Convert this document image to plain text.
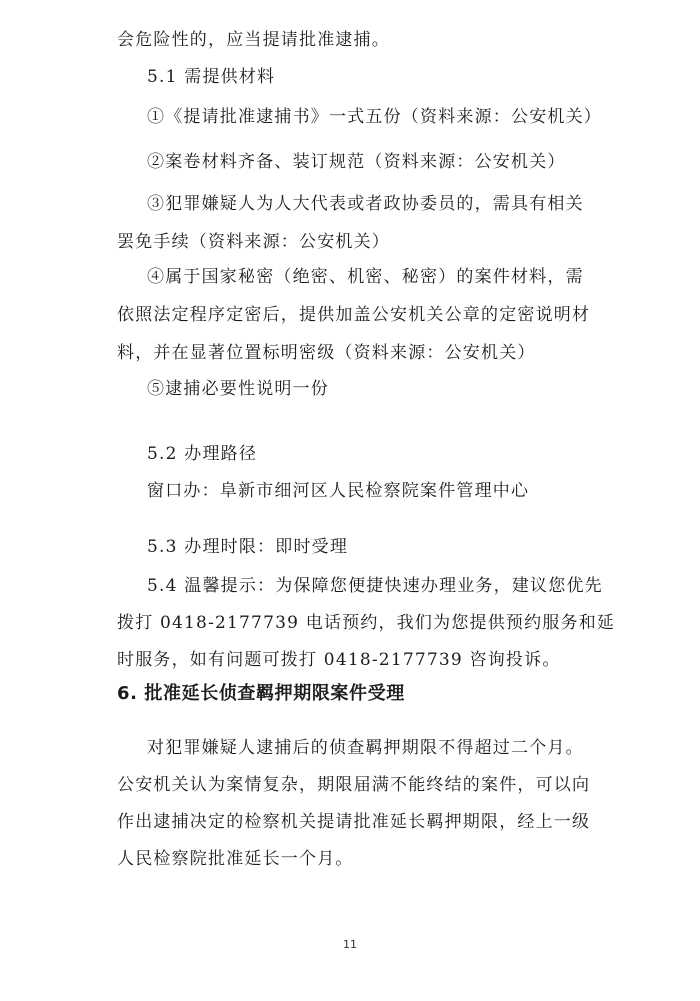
会危险性的，应当提请批准逮捕。
5.1 需提供材料
①《提请批准逮捕书》一式五份（资料来源：公安机关）
②案卷材料齐备、装订规范（资料来源：公安机关）
③犯罪嫌疑人为人大代表或者政协委员的，需具有相关
罢免手续（资料来源：公安机关）
④属于国家秘密（绝密、机密、秘密）的案件材料，需
依照法定程序定密后，提供加盖公安机关公章的定密说明材
料，并在显著位置标明密级（资料来源：公安机关）
⑤逮捕必要性说明一份
5.2 办理路径
窗口办：阜新市细河区人民检察院案件管理中心
5.3 办理时限：即时受理
5.4 温馨提示：为保障您便捷快速办理业务，建议您优先
拨打 0418-2177739 电话预约，我们为您提供预约服务和延
时服务，如有问题可拨打 0418-2177739 咨询投诉。
6. 批准延长侦查羁押期限案件受理
对犯罪嫌疑人逮捕后的侦查羁押期限不得超过二个月。
公安机关认为案情复杂，期限届满不能终结的案件，可以向
作出逮捕决定的检察机关提请批准延长羁押期限，经上一级
人民检察院批准延长一个月。
11
